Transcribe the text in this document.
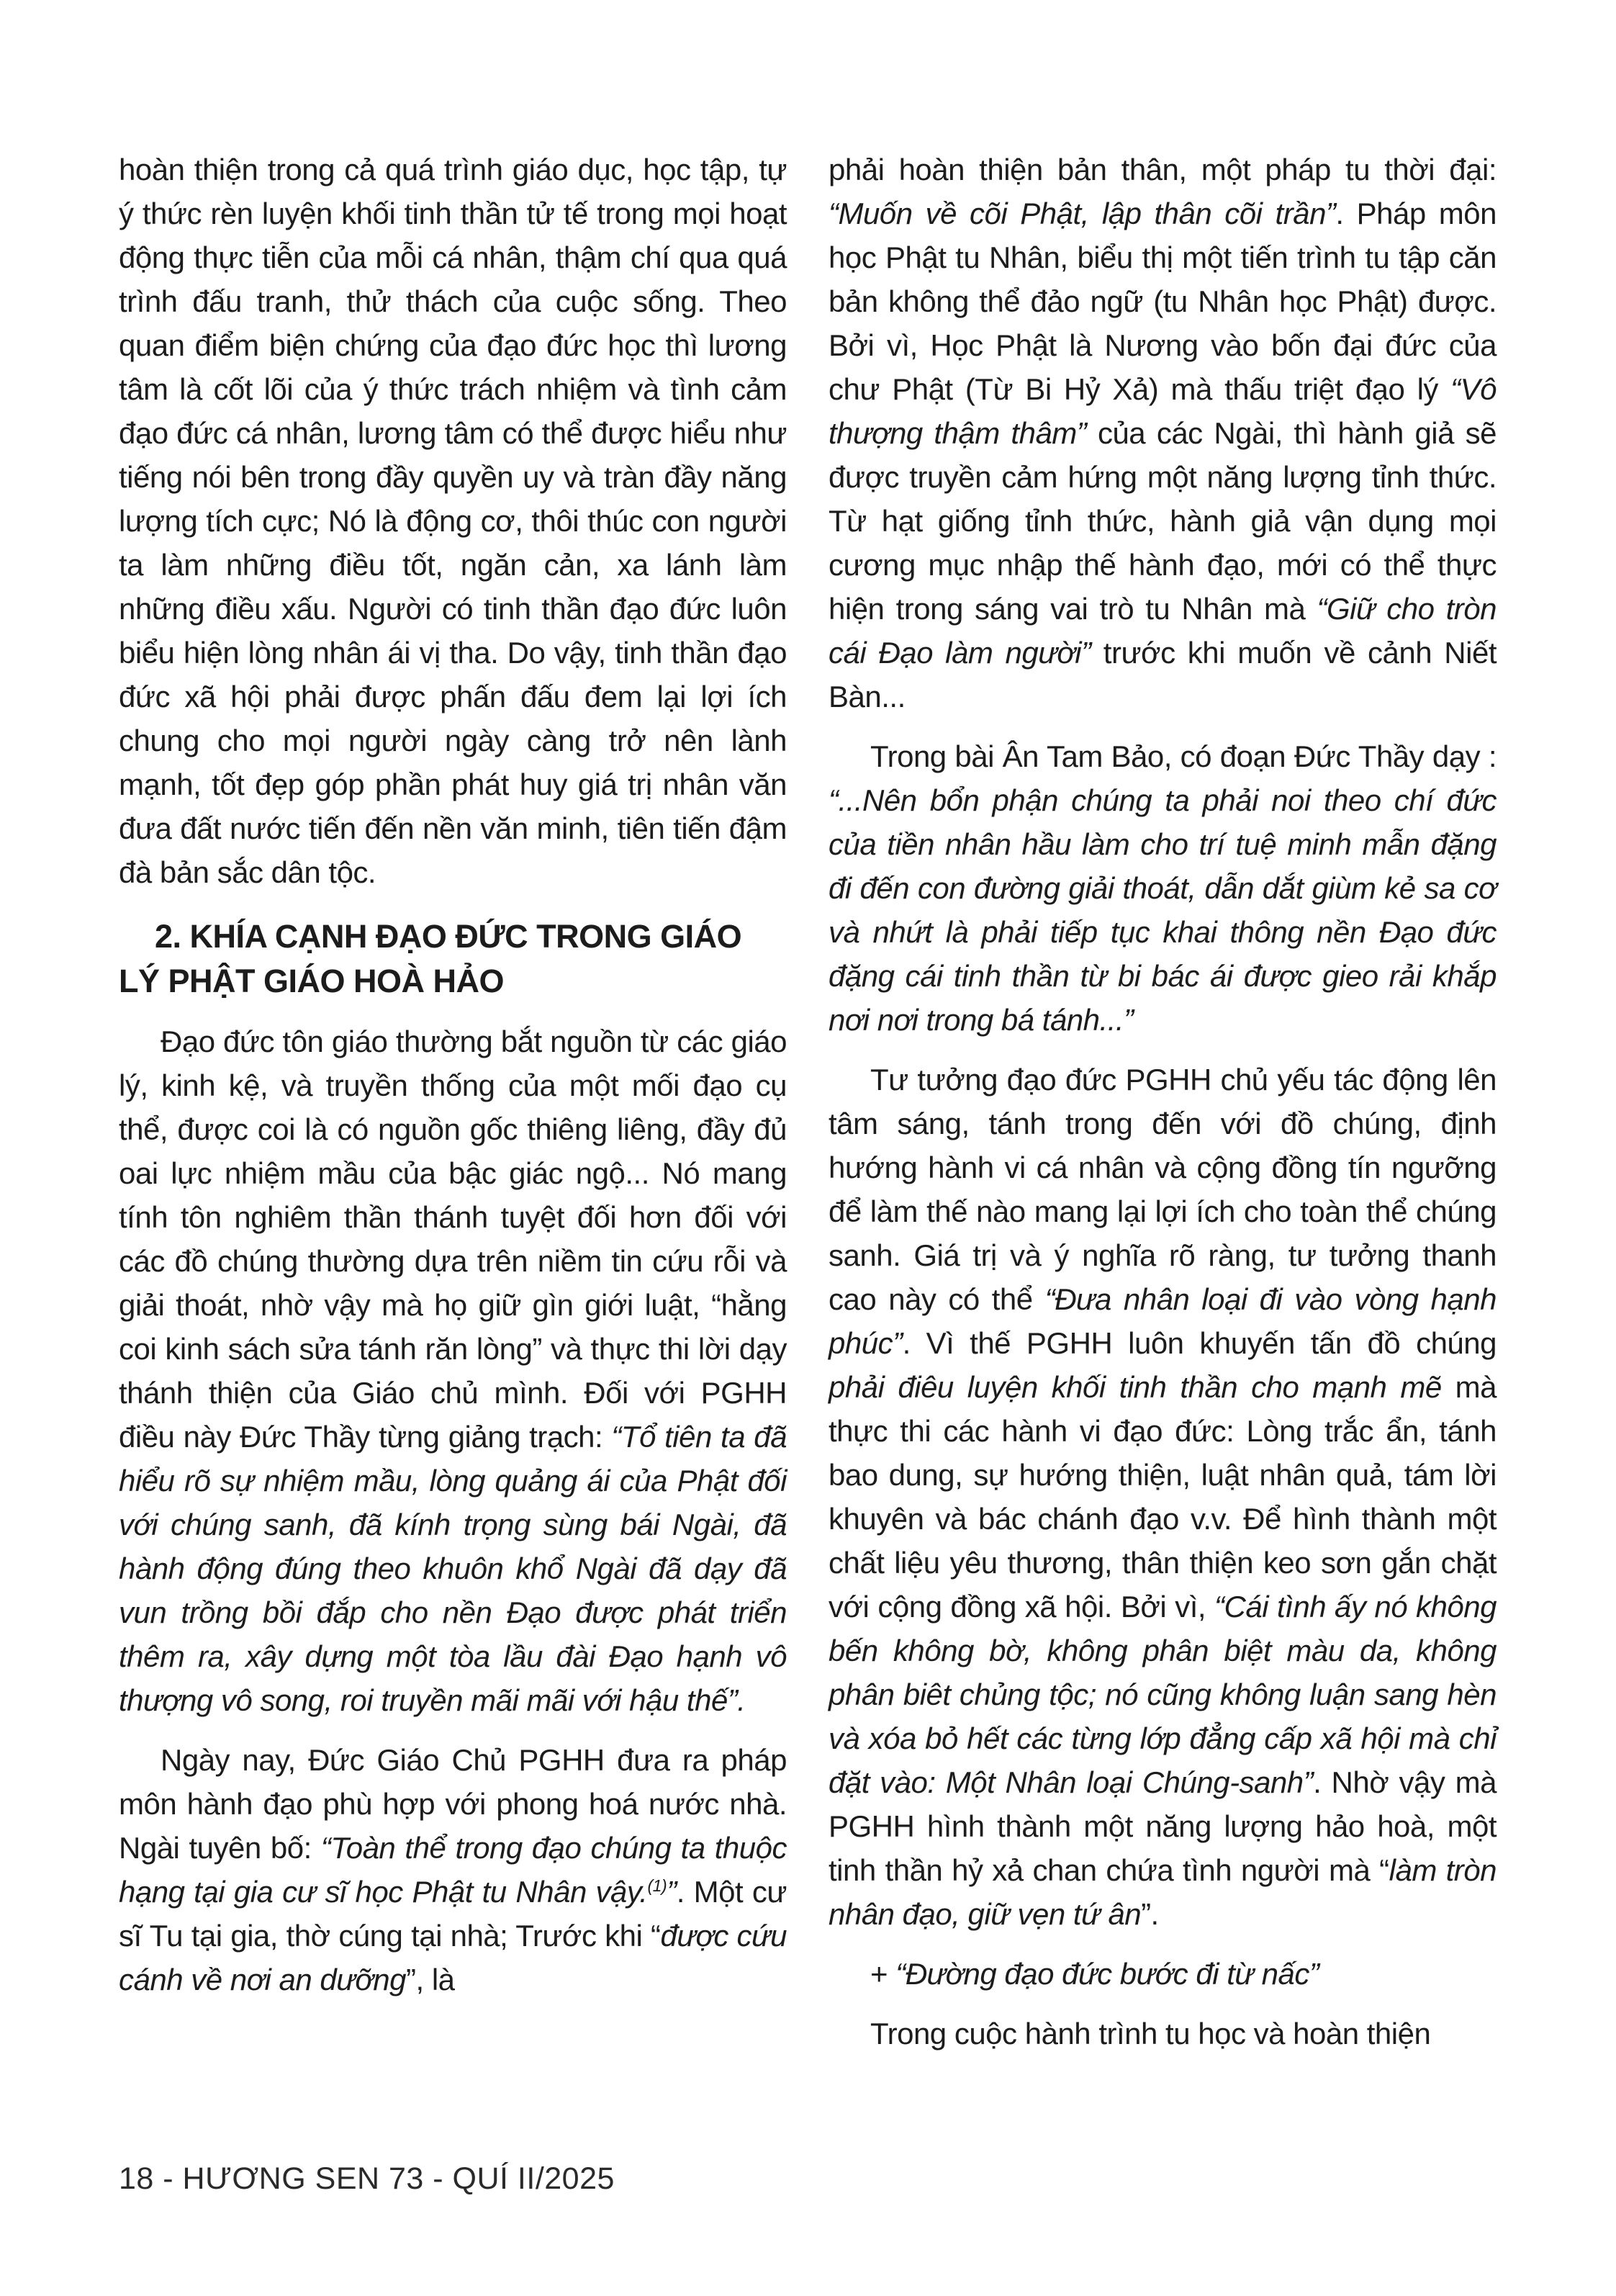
hoàn thiện trong cả quá trình giáo dục, học tập, tự ý thức rèn luyện khối tinh thần tử tế trong mọi hoạt động thực tiễn của mỗi cá nhân, thậm chí qua quá trình đấu tranh, thử thách của cuộc sống. Theo quan điểm biện chứng của đạo đức học thì lương tâm là cốt lõi của ý thức trách nhiệm và tình cảm đạo đức cá nhân, lương tâm có thể được hiểu như tiếng nói bên trong đầy quyền uy và tràn đầy năng lượng tích cực; Nó là động cơ, thôi thúc con người ta làm những điều tốt, ngăn cản, xa lánh làm những điều xấu. Người có tinh thần đạo đức luôn biểu hiện lòng nhân ái vị tha. Do vậy, tinh thần đạo đức xã hội phải được phấn đấu đem lại lợi ích chung cho mọi người ngày càng trở nên lành mạnh, tốt đẹp góp phần phát huy giá trị nhân văn đưa đất nước tiến đến nền văn minh, tiên tiến đậm đà bản sắc dân tộc.

2. KHÍA CẠNH ĐẠO ĐỨC TRONG GIÁO LÝ PHẬT GIÁO HOÀ HẢO

Đạo đức tôn giáo thường bắt nguồn từ các giáo lý, kinh kệ, và truyền thống của một mối đạo cụ thể, được coi là có nguồn gốc thiêng liêng, đầy đủ oai lực nhiệm mầu của bậc giác ngộ... Nó mang tính tôn nghiêm thần thánh tuyệt đối hơn đối với các đồ chúng thường dựa trên niềm tin cứu rỗi và giải thoát, nhờ vậy mà họ giữ gìn giới luật, “hằng coi kinh sách sửa tánh răn lòng” và thực thi lời dạy thánh thiện của Giáo chủ mình. Đối với PGHH điều này Đức Thầy từng giảng trạch: “Tổ tiên ta đã hiểu rõ sự nhiệm mầu, lòng quảng ái của Phật đối với chúng sanh, đã kính trọng sùng bái Ngài, đã hành động đúng theo khuôn khổ Ngài đã dạy đã vun trồng bồi đắp cho nền Đạo được phát triển thêm ra, xây dựng một tòa lầu đài Đạo hạnh vô thượng vô song, roi truyền mãi mãi với hậu thế”.

Ngày nay, Đức Giáo Chủ PGHH đưa ra pháp môn hành đạo phù hợp với phong hoá nước nhà. Ngài tuyên bố: “Toàn thể trong đạo chúng ta thuộc hạng tại gia cư sĩ học Phật tu Nhân vậy.$^{(1)}$”. Một cư sĩ Tu tại gia, thờ cúng tại nhà; Trước khi “được cứu cánh về nơi an dưỡng”, là

phải hoàn thiện bản thân, một pháp tu thời đại: “Muốn về cõi Phật, lập thân cõi trần”. Pháp môn học Phật tu Nhân, biểu thị một tiến trình tu tập căn bản không thể đảo ngữ (tu Nhân học Phật) được. Bởi vì, Học Phật là Nương vào bốn đại đức của chư Phật (Từ Bi Hỷ Xả) mà thấu triệt đạo lý “Vô thượng thậm thâm” của các Ngài, thì hành giả sẽ được truyền cảm hứng một năng lượng tỉnh thức. Từ hạt giống tỉnh thức, hành giả vận dụng mọi cương mục nhập thế hành đạo, mới có thể thực hiện trong sáng vai trò tu Nhân mà “Giữ cho tròn cái Đạo làm người” trước khi muốn về cảnh Niết Bàn...

Trong bài Ân Tam Bảo, có đoạn Đức Thầy dạy : “...Nên bổn phận chúng ta phải noi theo chí đức của tiền nhân hầu làm cho trí tuệ minh mẫn đặng đi đến con đường giải thoát, dẫn dắt giùm kẻ sa cơ và nhứt là phải tiếp tục khai thông nền Đạo đức đặng cái tinh thần từ bi bác ái được gieo rải khắp nơi nơi trong bá tánh...”

Tư tưởng đạo đức PGHH chủ yếu tác động lên tâm sáng, tánh trong đến với đồ chúng, định hướng hành vi cá nhân và cộng đồng tín ngưỡng để làm thế nào mang lại lợi ích cho toàn thể chúng sanh. Giá trị và ý nghĩa rõ ràng, tư tưởng thanh cao này có thể “Đưa nhân loại đi vào vòng hạnh phúc”. Vì thế PGHH luôn khuyến tấn đồ chúng phải điêu luyện khối tinh thần cho mạnh mẽ mà thực thi các hành vi đạo đức: Lòng trắc ẩn, tánh bao dung, sự hướng thiện, luật nhân quả, tám lời khuyên và bác chánh đạo v.v. Để hình thành một chất liệu yêu thương, thân thiện keo sơn gắn chặt với cộng đồng xã hội. Bởi vì, “Cái tình ấy nó không bến không bờ, không phân biệt màu da, không phân biêt chủng tộc; nó cũng không luận sang hèn và xóa bỏ hết các từng lớp đẳng cấp xã hội mà chỉ đặt vào: Một Nhân loại Chúng-sanh”. Nhờ vậy mà PGHH hình thành một năng lượng hảo hoà, một tinh thần hỷ xả chan chứa tình người mà “làm tròn nhân đạo, giữ vẹn tứ ân”.

+ “Đường đạo đức bước đi từ nấc”

Trong cuộc hành trình tu học và hoàn thiện

18 - HƯƠNG SEN 73 - QUÍ II/2025
